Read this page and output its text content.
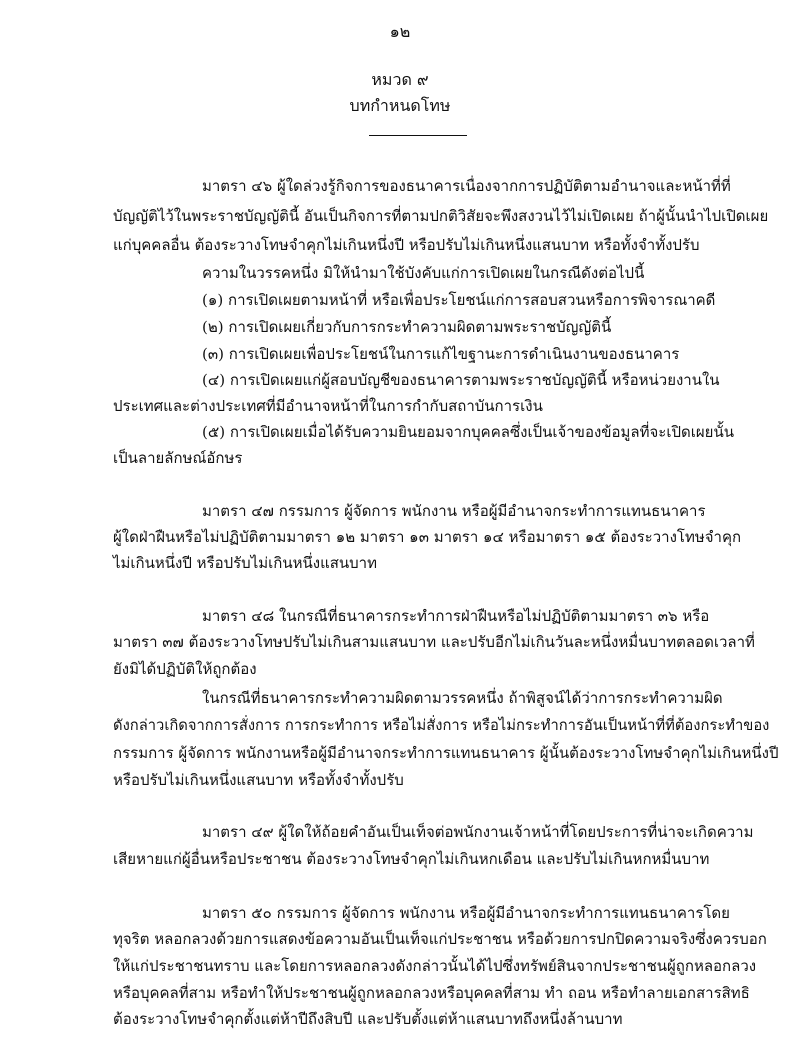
๑๒
หมวด ๙
บทกำหนดโทษ
มาตรา ๔๖ ผู้ใดล่วงรู้กิจการของธนาคารเนื่องจากการปฏิบัติตามอำนาจและหน้าที่ที่
บัญญัติไว้ในพระราชบัญญัตินี้ อันเป็นกิจการที่ตามปกติวิสัยจะพึงสงวนไว้ไม่เปิดเผย ถ้าผู้นั้นนำไปเปิดเผย
แก่บุคคลอื่น ต้องระวางโทษจำคุกไม่เกินหนึ่งปี หรือปรับไม่เกินหนึ่งแสนบาท หรือทั้งจำทั้งปรับ
ความในวรรคหนึ่ง มิให้นำมาใช้บังคับแก่การเปิดเผยในกรณีดังต่อไปนี้
(๑) การเปิดเผยตามหน้าที่ หรือเพื่อประโยชน์แก่การสอบสวนหรือการพิจารณาคดี
(๒) การเปิดเผยเกี่ยวกับการกระทำความผิดตามพระราชบัญญัตินี้
(๓) การเปิดเผยเพื่อประโยชน์ในการแก้ไขฐานะการดำเนินงานของธนาคาร
(๔) การเปิดเผยแก่ผู้สอบบัญชีของธนาคารตามพระราชบัญญัตินี้ หรือหน่วยงานใน
ประเทศและต่างประเทศที่มีอำนาจหน้าที่ในการกำกับสถาบันการเงิน
(๕) การเปิดเผยเมื่อได้รับความยินยอมจากบุคคลซึ่งเป็นเจ้าของข้อมูลที่จะเปิดเผยนั้น
เป็นลายลักษณ์อักษร
มาตรา ๔๗ กรรมการ ผู้จัดการ พนักงาน หรือผู้มีอำนาจกระทำการแทนธนาคาร
ผู้ใดฝ่าฝืนหรือไม่ปฏิบัติตามมาตรา ๑๒ มาตรา ๑๓ มาตรา ๑๔ หรือมาตรา ๑๕ ต้องระวางโทษจำคุก
ไม่เกินหนึ่งปี หรือปรับไม่เกินหนึ่งแสนบาท
มาตรา ๔๘ ในกรณีที่ธนาคารกระทำการฝ่าฝืนหรือไม่ปฏิบัติตามมาตรา ๓๖ หรือ
มาตรา ๓๗ ต้องระวางโทษปรับไม่เกินสามแสนบาท และปรับอีกไม่เกินวันละหนึ่งหมื่นบาทตลอดเวลาที่
ยังมิได้ปฏิบัติให้ถูกต้อง
ในกรณีที่ธนาคารกระทำความผิดตามวรรคหนึ่ง ถ้าพิสูจน์ได้ว่าการกระทำความผิด
ดังกล่าวเกิดจากการสั่งการ การกระทำการ หรือไม่สั่งการ หรือไม่กระทำการอันเป็นหน้าที่ที่ต้องกระทำของ
กรรมการ ผู้จัดการ พนักงานหรือผู้มีอำนาจกระทำการแทนธนาคาร ผู้นั้นต้องระวางโทษจำคุกไม่เกินหนึ่งปี
หรือปรับไม่เกินหนึ่งแสนบาท หรือทั้งจำทั้งปรับ
มาตรา ๔๙ ผู้ใดให้ถ้อยคำอันเป็นเท็จต่อพนักงานเจ้าหน้าที่โดยประการที่น่าจะเกิดความ
เสียหายแก่ผู้อื่นหรือประชาชน ต้องระวางโทษจำคุกไม่เกินหกเดือน และปรับไม่เกินหกหมื่นบาท
มาตรา ๕๐ กรรมการ ผู้จัดการ พนักงาน หรือผู้มีอำนาจกระทำการแทนธนาคารโดย
ทุจริต หลอกลวงด้วยการแสดงข้อความอันเป็นเท็จแก่ประชาชน หรือด้วยการปกปิดความจริงซึ่งควรบอก
ให้แก่ประชาชนทราบ และโดยการหลอกลวงดังกล่าวนั้นได้ไปซึ่งทรัพย์สินจากประชาชนผู้ถูกหลอกลวง
หรือบุคคลที่สาม หรือทำให้ประชาชนผู้ถูกหลอกลวงหรือบุคคลที่สาม ทำ ถอน หรือทำลายเอกสารสิทธิ
ต้องระวางโทษจำคุกตั้งแต่ห้าปีถึงสิบปี และปรับตั้งแต่ห้าแสนบาทถึงหนึ่งล้านบาท
